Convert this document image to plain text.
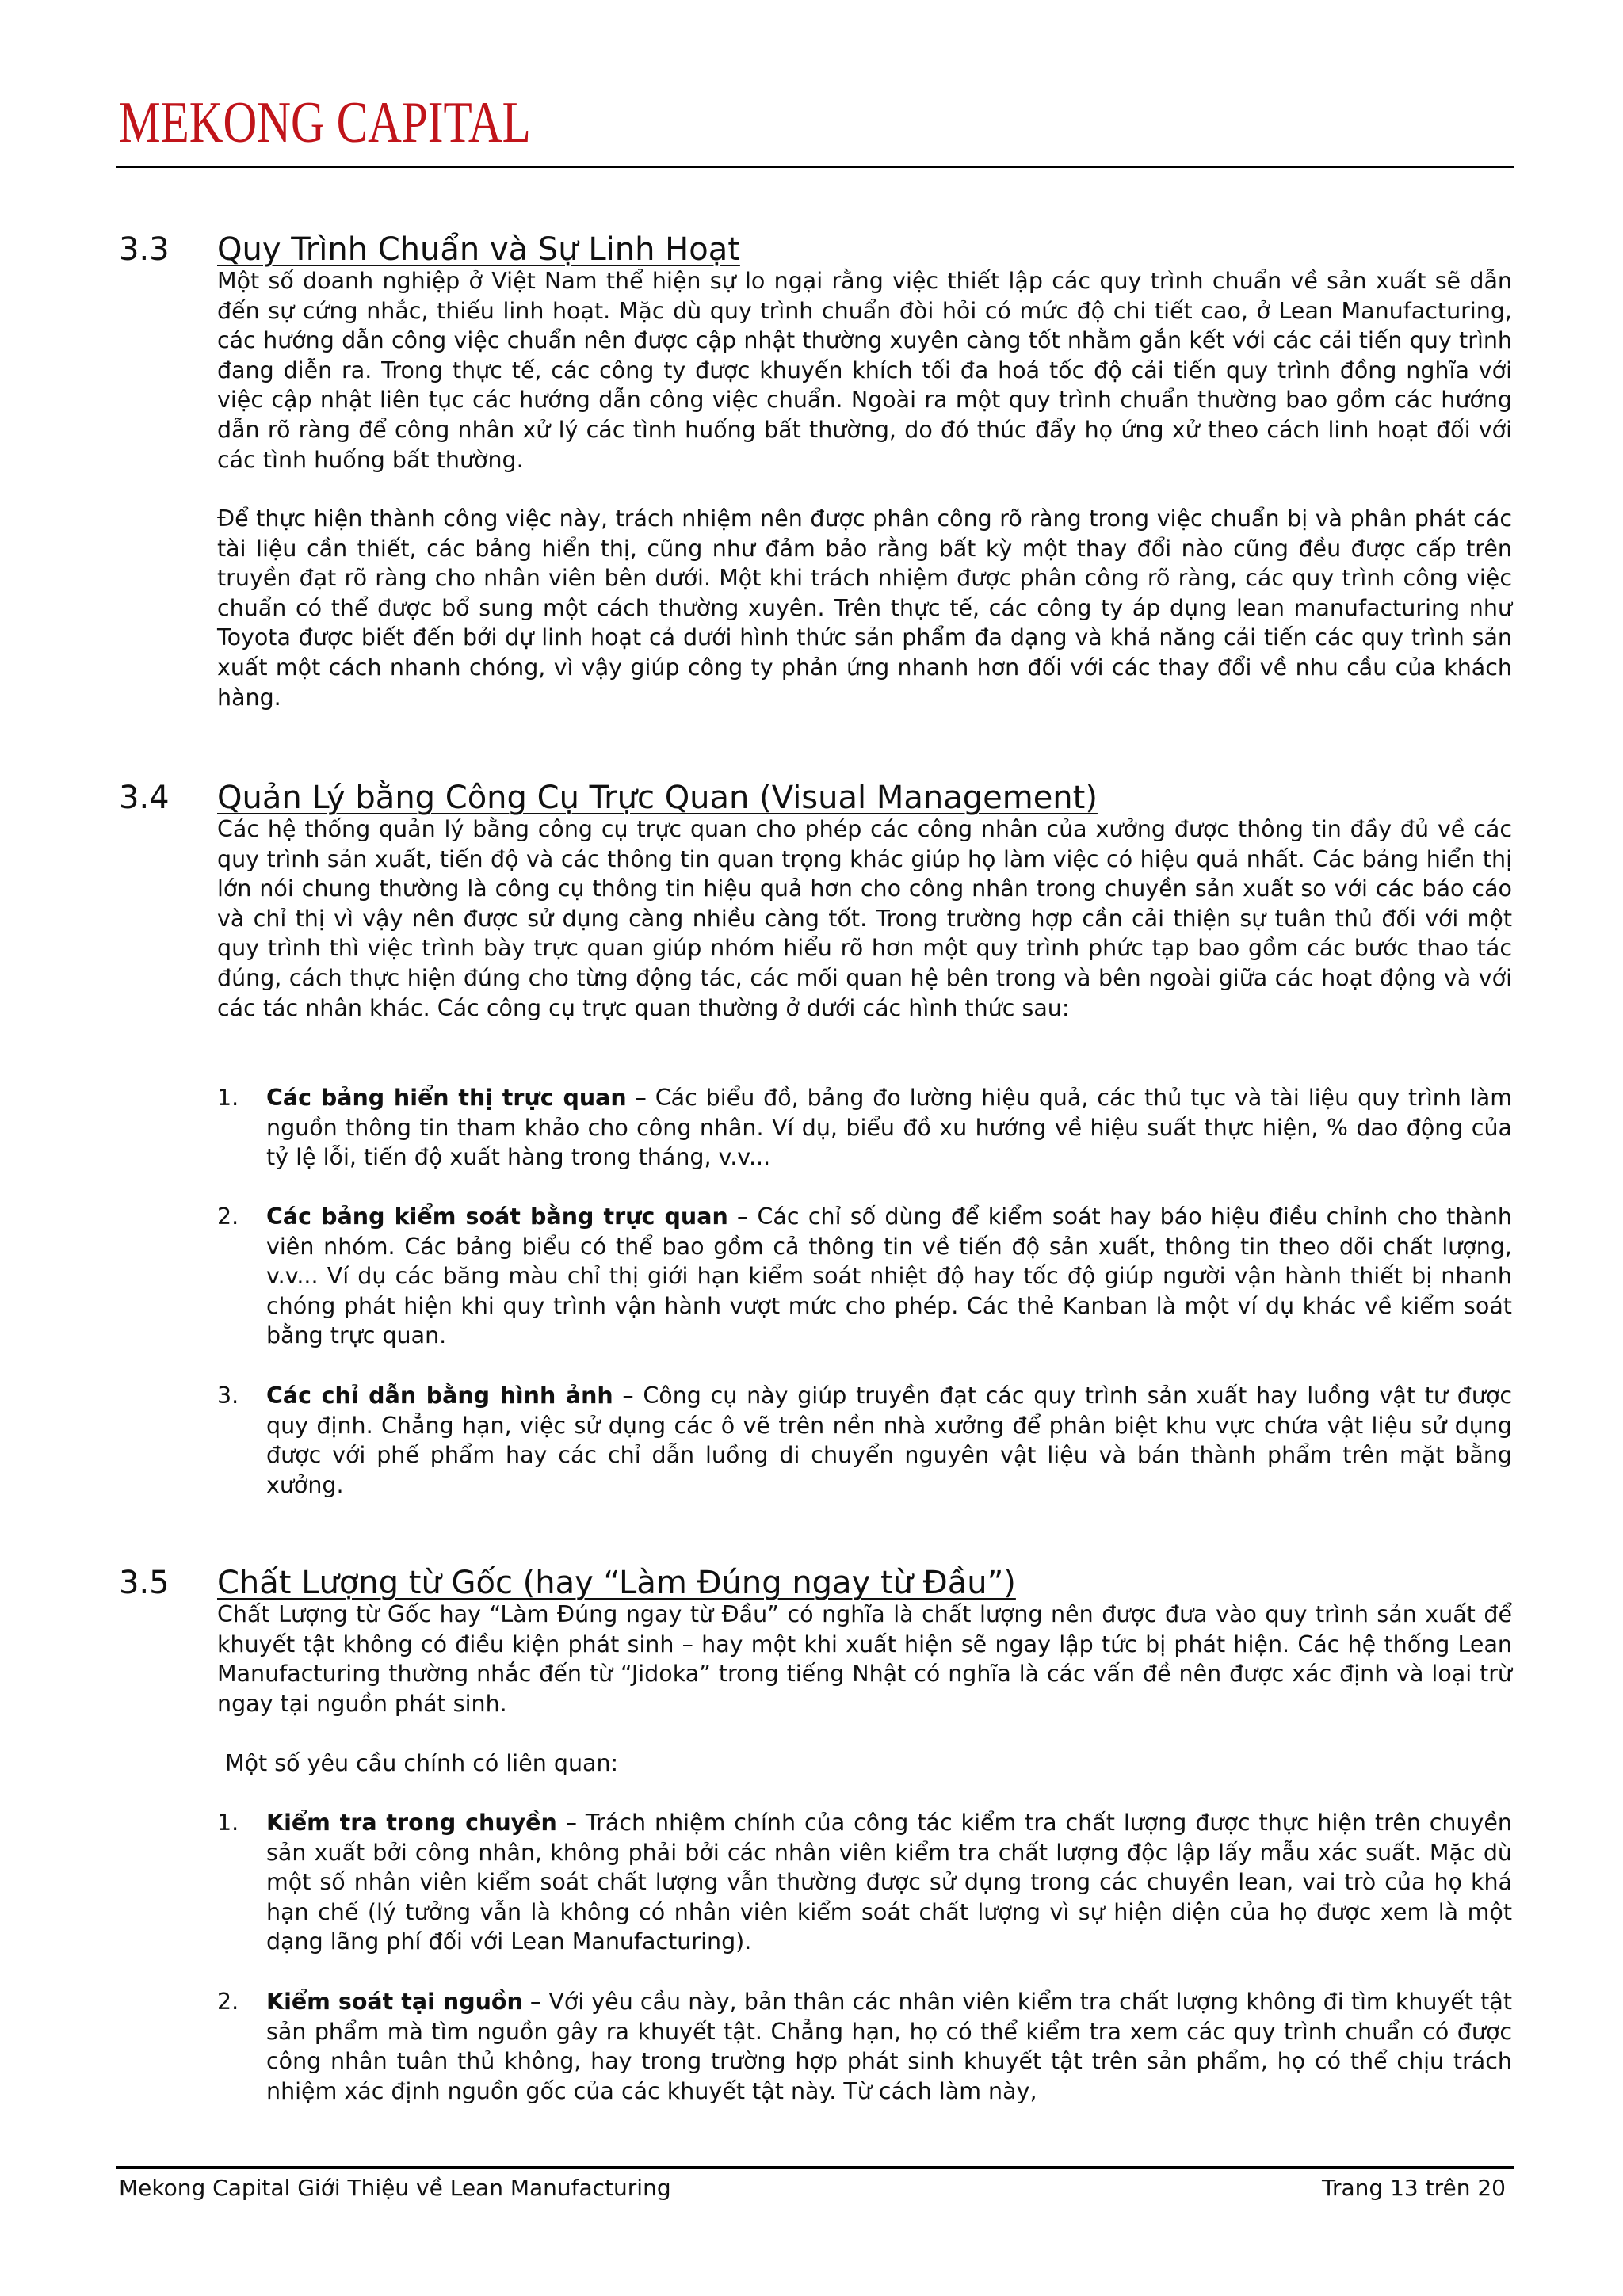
MEKONG CAPITAL
3.3 Quy Trình Chuẩn và Sự Linh Hoạt

Một số doanh nghiệp ở Việt Nam thể hiện sự lo ngại rằng việc thiết lập các quy trình chuẩn về sản xuất sẽ dẫn đến sự cứng nhắc, thiếu linh hoạt. Mặc dù quy trình chuẩn đòi hỏi có mức độ chi tiết cao, ở Lean Manufacturing, các hướng dẫn công việc chuẩn nên được cập nhật thường xuyên càng tốt nhằm gắn kết với các cải tiến quy trình đang diễn ra. Trong thực tế, các công ty được khuyến khích tối đa hoá tốc độ cải tiến quy trình đồng nghĩa với việc cập nhật liên tục các hướng dẫn công việc chuẩn. Ngoài ra một quy trình chuẩn thường bao gồm các hướng dẫn rõ ràng để công nhân xử lý các tình huống bất thường, do đó thúc đẩy họ ứng xử theo cách linh hoạt đối với các tình huống bất thường.

Để thực hiện thành công việc này, trách nhiệm nên được phân công rõ ràng trong việc chuẩn bị và phân phát các tài liệu cần thiết, các bảng hiển thị, cũng như đảm bảo rằng bất kỳ một thay đổi nào cũng đều được cấp trên truyền đạt rõ ràng cho nhân viên bên dưới. Một khi trách nhiệm được phân công rõ ràng, các quy trình công việc chuẩn có thể được bổ sung một cách thường xuyên. Trên thực tế, các công ty áp dụng lean manufacturing như Toyota được biết đến bởi dự linh hoạt cả dưới hình thức sản phẩm đa dạng và khả năng cải tiến các quy trình sản xuất một cách nhanh chóng, vì vậy giúp công ty phản ứng nhanh hơn đối với các thay đổi về nhu cầu của khách hàng.

3.4 Quản Lý bằng Công Cụ Trực Quan (Visual Management)

Các hệ thống quản lý bằng công cụ trực quan cho phép các công nhân của xưởng được thông tin đầy đủ về các quy trình sản xuất, tiến độ và các thông tin quan trọng khác giúp họ làm việc có hiệu quả nhất. Các bảng hiển thị lớn nói chung thường là công cụ thông tin hiệu quả hơn cho công nhân trong chuyền sản xuất so với các báo cáo và chỉ thị vì vậy nên được sử dụng càng nhiều càng tốt. Trong trường hợp cần cải thiện sự tuân thủ đối với một quy trình thì việc trình bày trực quan giúp nhóm hiểu rõ hơn một quy trình phức tạp bao gồm các bước thao tác đúng, cách thực hiện đúng cho từng động tác, các mối quan hệ bên trong và bên ngoài giữa các hoạt động và với các tác nhân khác. Các công cụ trực quan thường ở dưới các hình thức sau:

1. Các bảng hiển thị trực quan – Các biểu đồ, bảng đo lường hiệu quả, các thủ tục và tài liệu quy trình làm nguồn thông tin tham khảo cho công nhân. Ví dụ, biểu đồ xu hướng về hiệu suất thực hiện, % dao động của tỷ lệ lỗi, tiến độ xuất hàng trong tháng, v.v...

2. Các bảng kiểm soát bằng trực quan – Các chỉ số dùng để kiểm soát hay báo hiệu điều chỉnh cho thành viên nhóm. Các bảng biểu có thể bao gồm cả thông tin về tiến độ sản xuất, thông tin theo dõi chất lượng, v.v... Ví dụ các băng màu chỉ thị giới hạn kiểm soát nhiệt độ hay tốc độ giúp người vận hành thiết bị nhanh chóng phát hiện khi quy trình vận hành vượt mức cho phép. Các thẻ Kanban là một ví dụ khác về kiểm soát bằng trực quan.

3. Các chỉ dẫn bằng hình ảnh – Công cụ này giúp truyền đạt các quy trình sản xuất hay luồng vật tư được quy định. Chẳng hạn, việc sử dụng các ô vẽ trên nền nhà xưởng để phân biệt khu vực chứa vật liệu sử dụng được với phế phẩm hay các chỉ dẫn luồng di chuyển nguyên vật liệu và bán thành phẩm trên mặt bằng xưởng.

3.5 Chất Lượng từ Gốc (hay “Làm Đúng ngay từ Đầu”)

Chất Lượng từ Gốc hay “Làm Đúng ngay từ Đầu” có nghĩa là chất lượng nên được đưa vào quy trình sản xuất để khuyết tật không có điều kiện phát sinh – hay một khi xuất hiện sẽ ngay lập tức bị phát hiện. Các hệ thống Lean Manufacturing thường nhắc đến từ “Jidoka” trong tiếng Nhật có nghĩa là các vấn đề nên được xác định và loại trừ ngay tại nguồn phát sinh.

Một số yêu cầu chính có liên quan:

1. Kiểm tra trong chuyền – Trách nhiệm chính của công tác kiểm tra chất lượng được thực hiện trên chuyền sản xuất bởi công nhân, không phải bởi các nhân viên kiểm tra chất lượng độc lập lấy mẫu xác suất. Mặc dù một số nhân viên kiểm soát chất lượng vẫn thường được sử dụng trong các chuyền lean, vai trò của họ khá hạn chế (lý tưởng vẫn là không có nhân viên kiểm soát chất lượng vì sự hiện diện của họ được xem là một dạng lãng phí đối với Lean Manufacturing).

2. Kiểm soát tại nguồn – Với yêu cầu này, bản thân các nhân viên kiểm tra chất lượng không đi tìm khuyết tật sản phẩm mà tìm nguồn gây ra khuyết tật. Chẳng hạn, họ có thể kiểm tra xem các quy trình chuẩn có được công nhân tuân thủ không, hay trong trường hợp phát sinh khuyết tật trên sản phẩm, họ có thể chịu trách nhiệm xác định nguồn gốc của các khuyết tật này. Từ cách làm này,

Mekong Capital Giới Thiệu về Lean Manufacturing	Trang 13 trên 20
